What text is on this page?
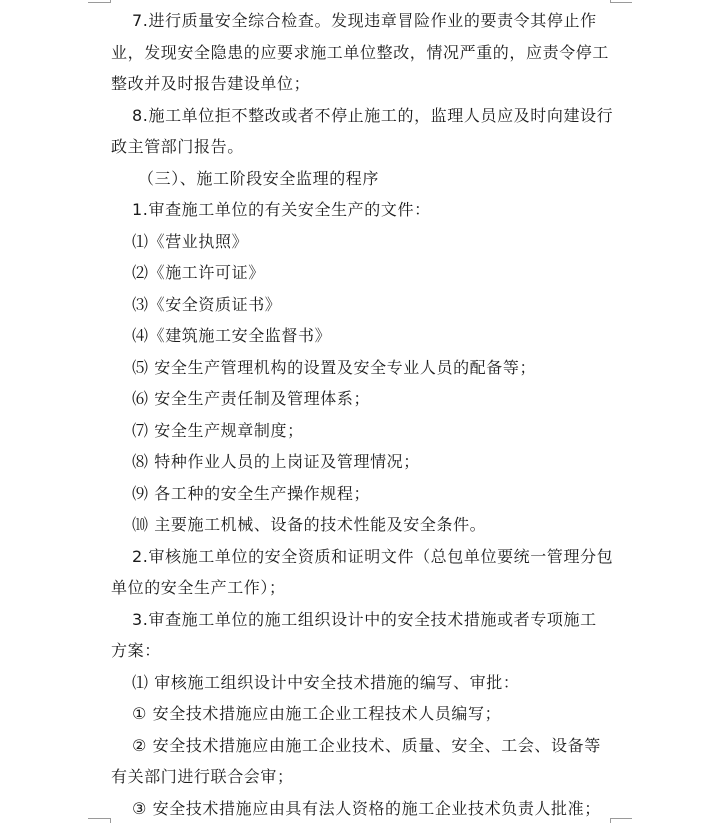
7.进行质量安全综合检查。发现违章冒险作业的要责令其停止作

业，发现安全隐患的应要求施工单位整改，情况严重的，应责令停工

整改并及时报告建设单位；

8.施工单位拒不整改或者不停止施工的，监理人员应及时向建设行

政主管部门报告。

（三）、施工阶段安全监理的程序

1.审查施工单位的有关安全生产的文件：

⑴《营业执照》

⑵《施工许可证》

⑶《安全资质证书》

⑷《建筑施工安全监督书》

⑸ 安全生产管理机构的设置及安全专业人员的配备等；

⑹ 安全生产责任制及管理体系；

⑺ 安全生产规章制度；

⑻ 特种作业人员的上岗证及管理情况；

⑼ 各工种的安全生产操作规程；

⑽ 主要施工机械、设备的技术性能及安全条件。

2.审核施工单位的安全资质和证明文件（总包单位要统一管理分包

单位的安全生产工作）；

3.审查施工单位的施工组织设计中的安全技术措施或者专项施工

方案：

⑴ 审核施工组织设计中安全技术措施的编写、审批：

① 安全技术措施应由施工企业工程技术人员编写；

② 安全技术措施应由施工企业技术、质量、安全、工会、设备等

有关部门进行联合会审；

③ 安全技术措施应由具有法人资格的施工企业技术负责人批准；
